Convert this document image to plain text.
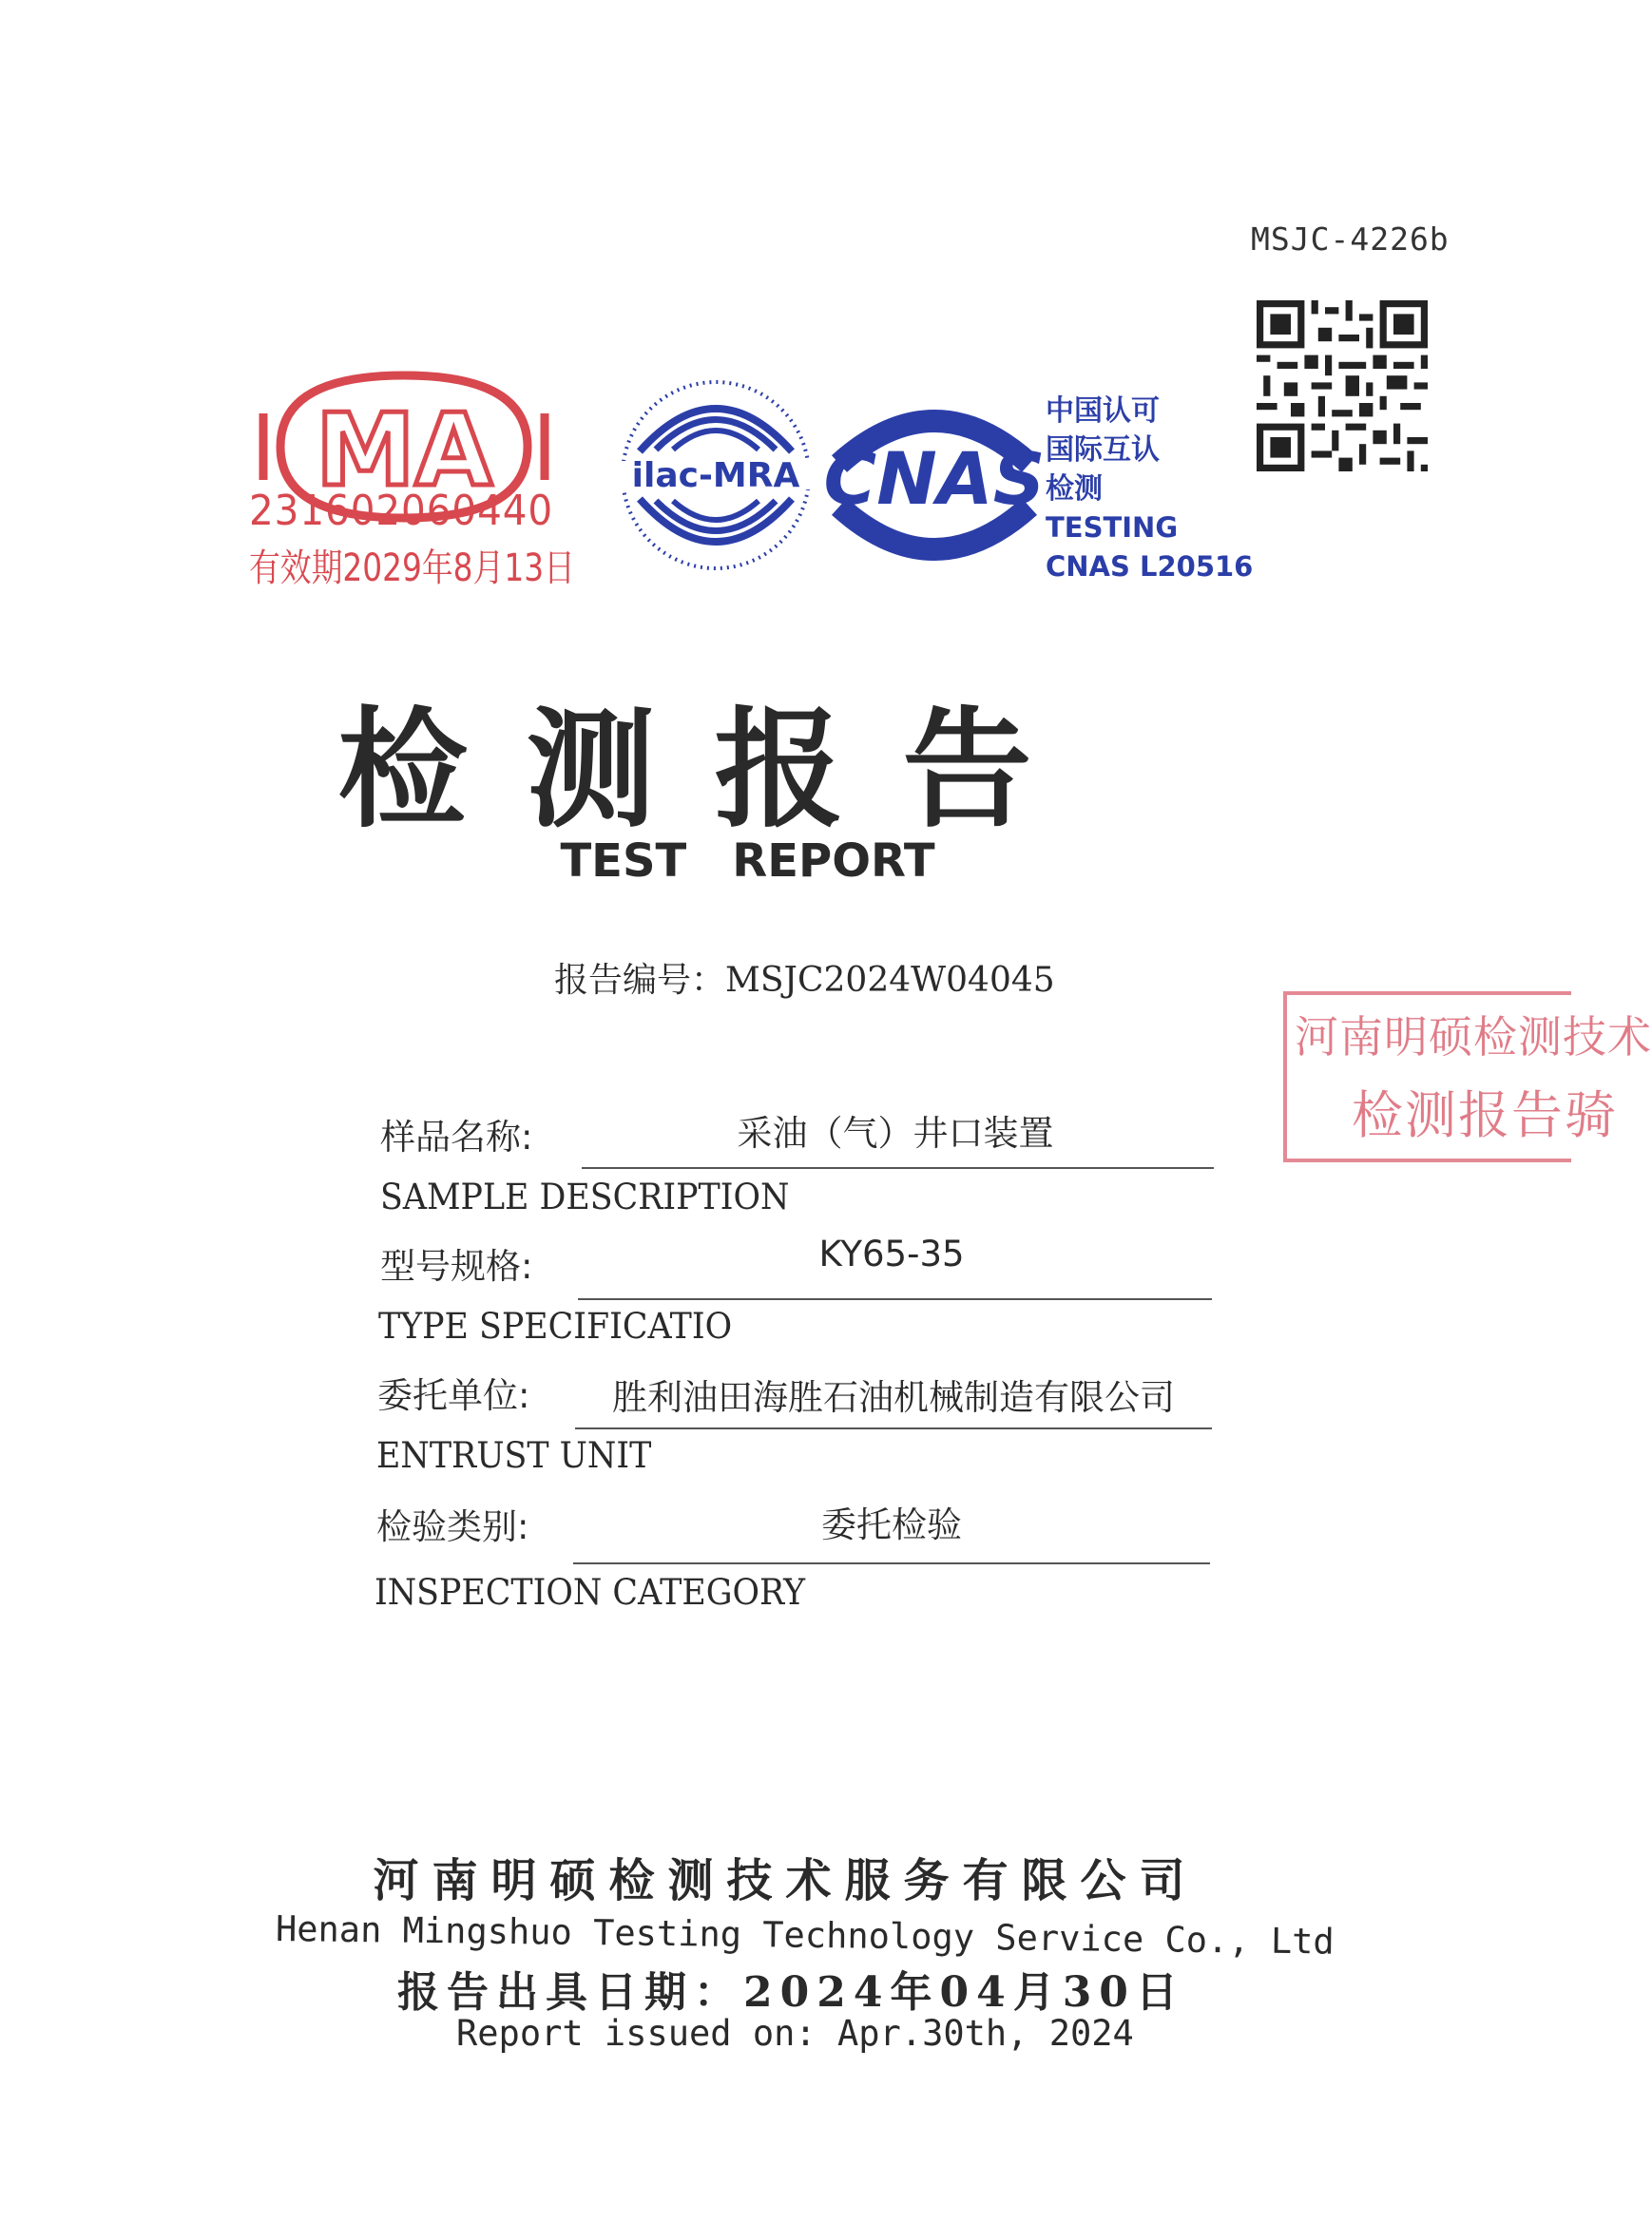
MSJC-4226b
MA
231602060440
有效期2029年8月13日
ilac-MRA CNAS
中国认可
国际互认
检测
TESTING
CNAS L20516
检测报告
TEST REPORT
报告编号：MSJC2024W04045
河南明硕检测技术
检测报告骑
样品名称:	采油（气）井口装置
SAMPLE DESCRIPTION
型号规格:	KY65-35
TYPE SPECIFICATIO
委托单位:	胜利油田海胜石油机械制造有限公司
ENTRUST UNIT
检验类别:	委托检验
INSPECTION CATEGORY
河南明硕检测技术服务有限公司
Henan Mingshuo Testing Technology Service Co., Ltd
报告出具日期：2024年04月30日
Report issued on: Apr.30th, 2024
